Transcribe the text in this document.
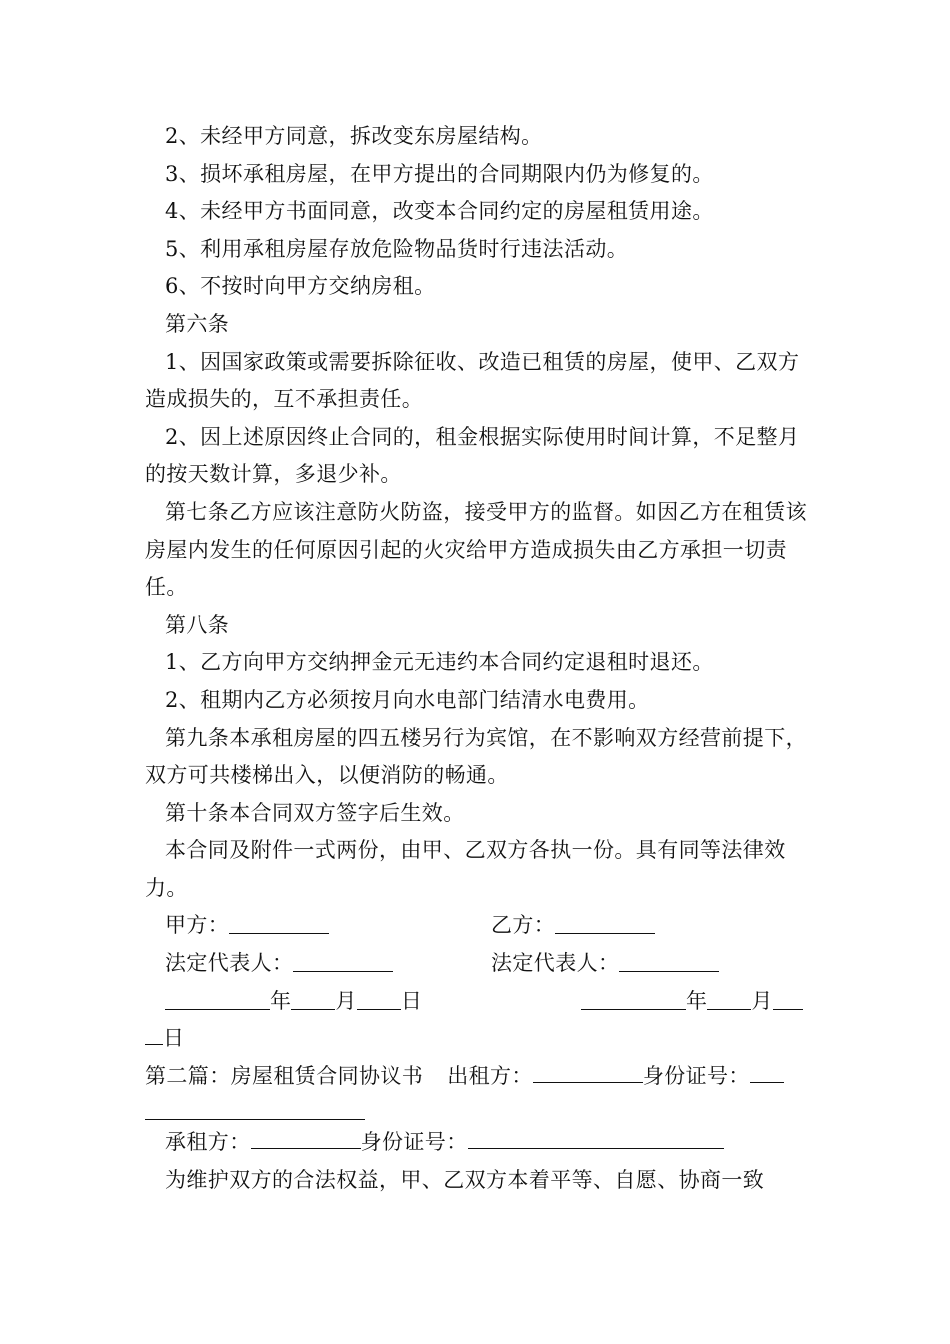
2、未经甲方同意，拆改变东房屋结构。

3、损坏承租房屋，在甲方提出的合同期限内仍为修复的。

4、未经甲方书面同意，改变本合同约定的房屋租赁用途。

5、利用承租房屋存放危险物品货时行违法活动。

6、不按时向甲方交纳房租。

第六条

1、因国家政策或需要拆除征收、改造已租赁的房屋，使甲、乙双方造成损失的，互不承担责任。

2、因上述原因终止合同的，租金根据实际使用时间计算，不足整月的按天数计算，多退少补。

第七条乙方应该注意防火防盗，接受甲方的监督。如因乙方在租赁该房屋内发生的任何原因引起的火灾给甲方造成损失由乙方承担一切责任。

第八条

1、乙方向甲方交纳押金元无违约本合同约定退租时退还。

2、租期内乙方必须按月向水电部门结清水电费用。

第九条本承租房屋的四五楼另行为宾馆，在不影响双方经营前提下，双方可共楼梯出入，以便消防的畅通。

第十条本合同双方签字后生效。

本合同及附件一式两份，由甲、乙双方各执一份。具有同等法律效力。

甲方：	乙方：
法定代表人：	法定代表人：
年 月 日	年 月
日
第二篇：房屋租赁合同协议书 出租方：	身份证号：
承租方：	身份证号：

为维护双方的合法权益，甲、乙双方本着平等、自愿、协商一致
